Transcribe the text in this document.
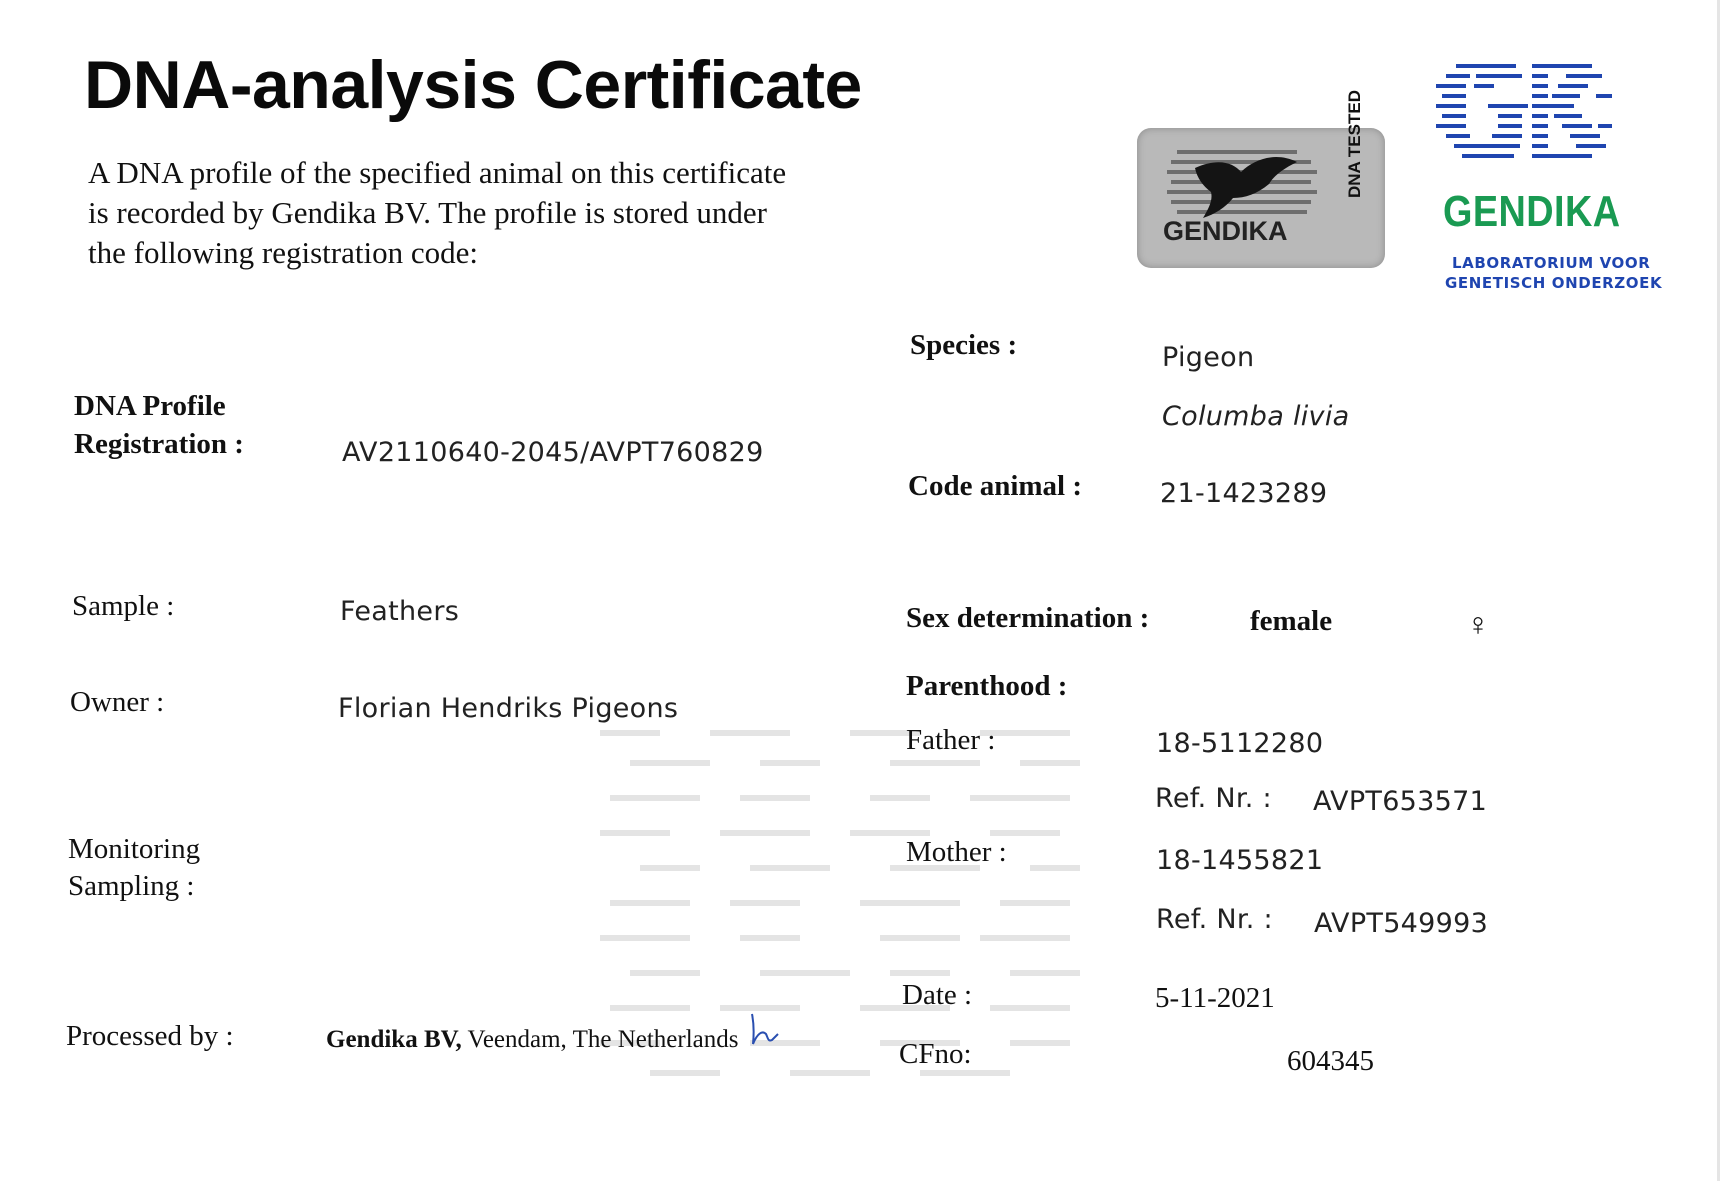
DNA-analysis Certificate
A DNA profile of the specified animal on this certificate is recorded by Gendika BV. The profile is stored under the following registration code:
GENDIKA
DNA TESTED
GENDIKA
LABORATORIUM VOOR
GENETISCH ONDERZOEK
DNA Profile
Registration :	AV2110640-2045/AVPT760829
Sample :	Feathers
Owner :	Florian Hendriks Pigeons
Monitoring
Sampling :
Processed by :	Gendika BV, Veendam, The Netherlands
Species :	Pigeon
Columba livia
Code animal :	21-1423289
Sex determination :	female	♀
Parenthood :
Father :	18-5112280
Ref. Nr. : AVPT653571
Mother :	18-1455821
Ref. Nr. : AVPT549993
Date :	5-11-2021
CFno:	604345
